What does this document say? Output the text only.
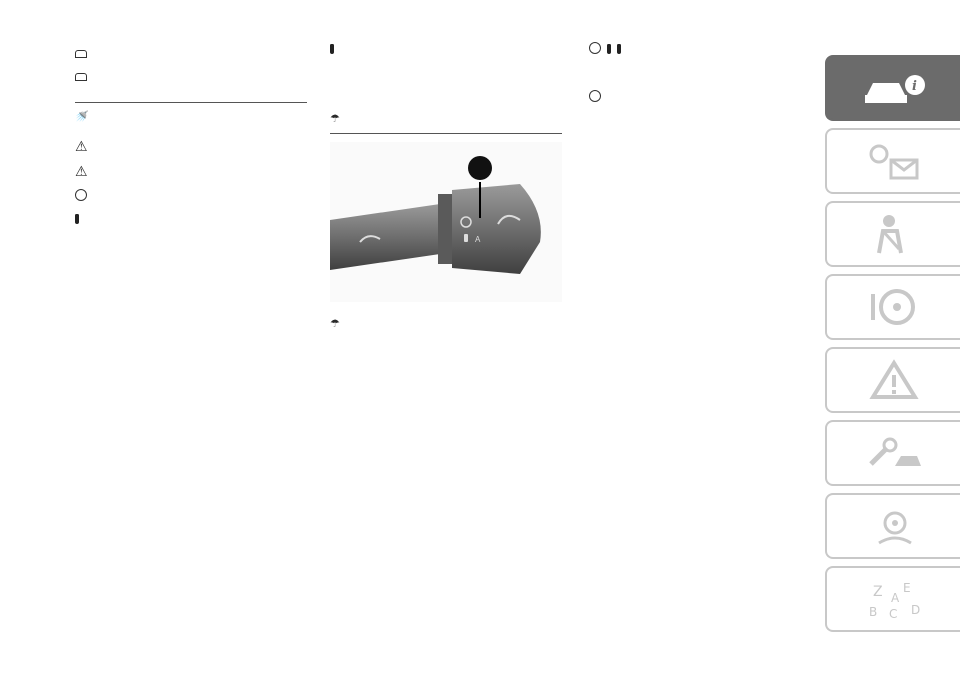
🚿

⚠

⚠

☂

A

☂

i
Z E
B C D
A
